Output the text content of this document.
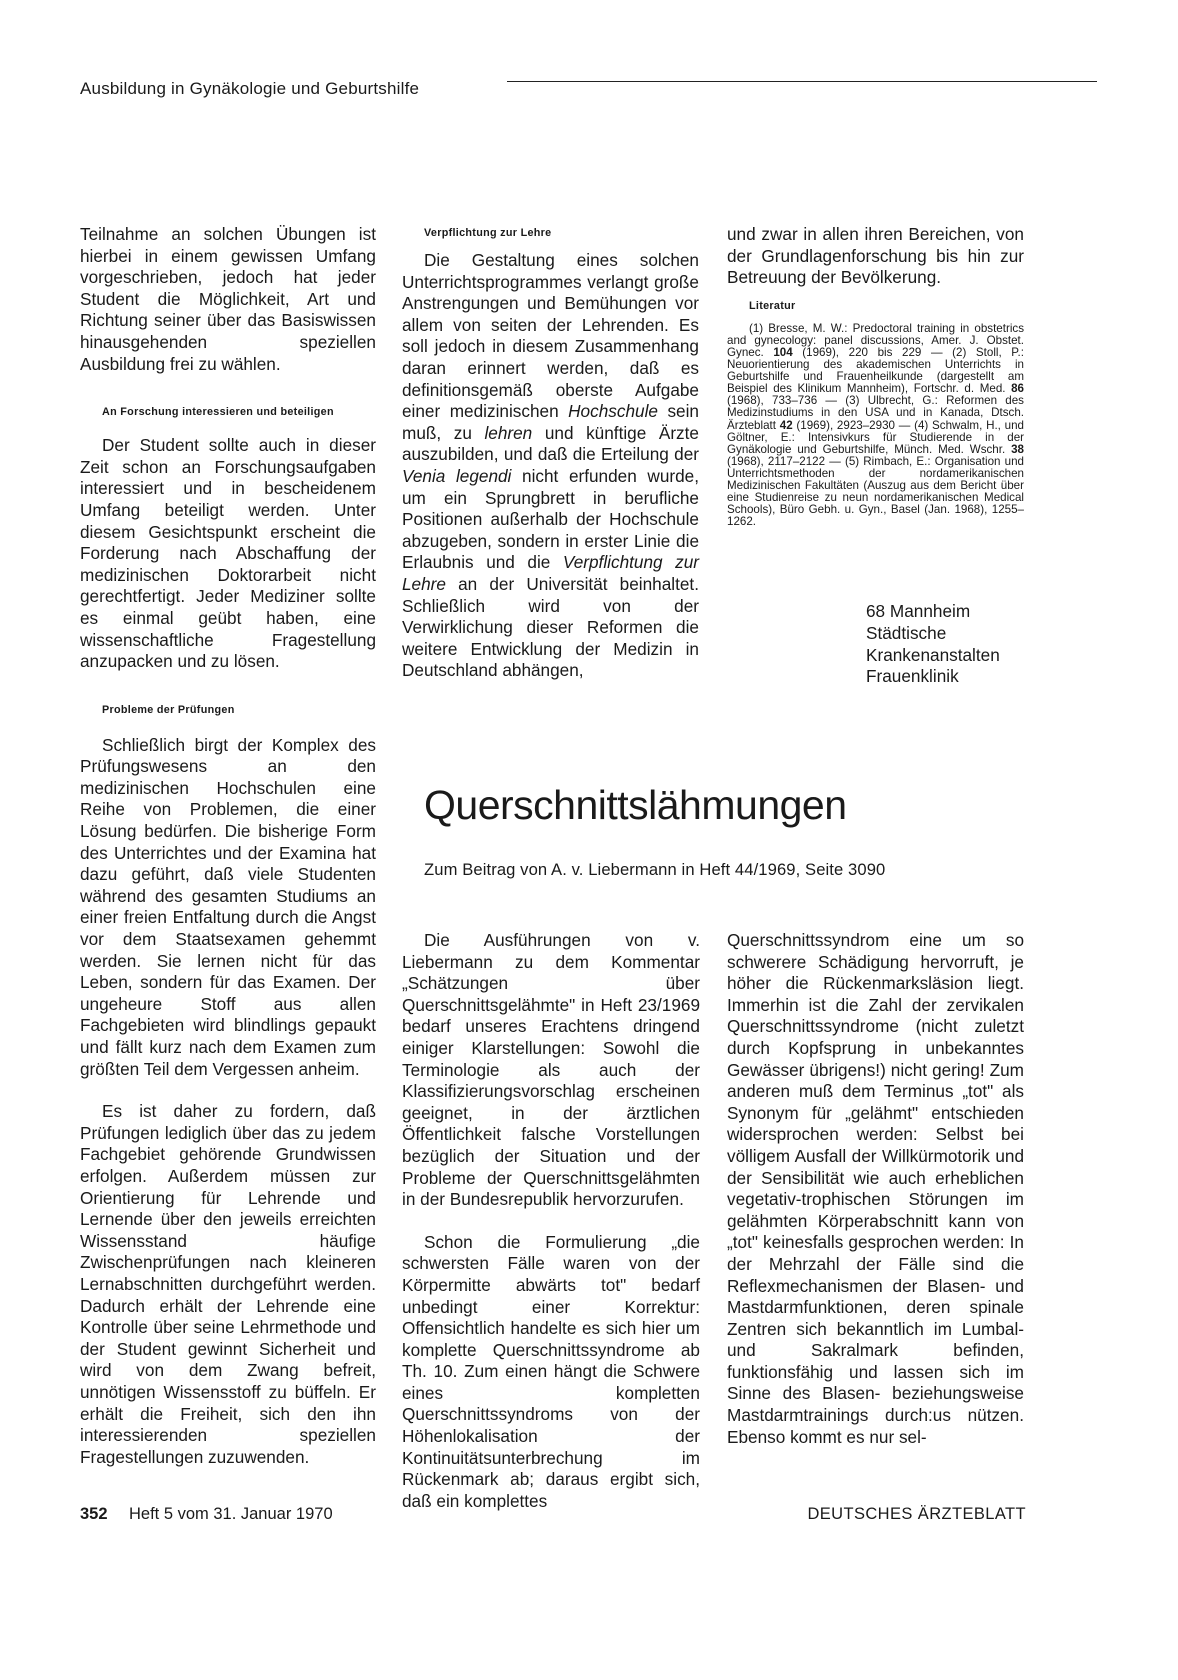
Ausbildung in Gynäkologie und Geburtshilfe

Teilnahme an solchen Übungen ist hierbei in einem gewissen Umfang vorgeschrieben, jedoch hat jeder Student die Möglichkeit, Art und Richtung seiner über das Basiswissen hinausgehenden speziellen Ausbildung frei zu wählen.

An Forschung interessieren und beteiligen

Der Student sollte auch in dieser Zeit schon an Forschungsaufgaben interessiert und in bescheidenem Umfang beteiligt werden. Unter diesem Gesichtspunkt erscheint die Forderung nach Abschaffung der medizinischen Doktorarbeit nicht gerechtfertigt. Jeder Mediziner sollte es einmal geübt haben, eine wissenschaftliche Fragestellung anzupacken und zu lösen.

Probleme der Prüfungen

Schließlich birgt der Komplex des Prüfungswesens an den medizinischen Hochschulen eine Reihe von Problemen, die einer Lösung bedürfen. Die bisherige Form des Unterrichtes und der Examina hat dazu geführt, daß viele Studenten während des gesamten Studiums an einer freien Entfaltung durch die Angst vor dem Staatsexamen gehemmt werden. Sie lernen nicht für das Leben, sondern für das Examen. Der ungeheure Stoff aus allen Fachgebieten wird blindlings gepaukt und fällt kurz nach dem Examen zum größten Teil dem Vergessen anheim.

Es ist daher zu fordern, daß Prüfungen lediglich über das zu jedem Fachgebiet gehörende Grundwissen erfolgen. Außerdem müssen zur Orientierung für Lehrende und Lernende über den jeweils erreichten Wissensstand häufige Zwischenprüfungen nach kleineren Lernabschnitten durchgeführt werden. Dadurch erhält der Lehrende eine Kontrolle über seine Lehrmethode und der Student gewinnt Sicherheit und wird von dem Zwang befreit, unnötigen Wissensstoff zu büffeln. Er erhält die Freiheit, sich den ihn interessierenden speziellen Fragestellungen zuzuwenden.

Verpflichtung zur Lehre

Die Gestaltung eines solchen Unterrichtsprogrammes verlangt große Anstrengungen und Bemühungen vor allem von seiten der Lehrenden. Es soll jedoch in diesem Zusammenhang daran erinnert werden, daß es definitionsgemäß oberste Aufgabe einer medizinischen Hochschule sein muß, zu lehren und künftige Ärzte auszubilden, und daß die Erteilung der Venia legendi nicht erfunden wurde, um ein Sprungbrett in berufliche Positionen außerhalb der Hochschule abzugeben, sondern in erster Linie die Erlaubnis und die Verpflichtung zur Lehre an der Universität beinhaltet. Schließlich wird von der Verwirklichung dieser Reformen die weitere Entwicklung der Medizin in Deutschland abhängen,

und zwar in allen ihren Bereichen, von der Grundlagenforschung bis hin zur Betreuung der Bevölkerung.

Literatur
(1) Bresse, M. W.: Predoctoral training in obstetrics and gynecology: panel discussions, Amer. J. Obstet. Gynec. 104 (1969), 220 bis 229 — (2) Stoll, P.: Neuorientierung des akademischen Unterrichts in Geburtshilfe und Frauenheilkunde (dargestellt am Beispiel des Klinikum Mannheim), Fortschr. d. Med. 86 (1968), 733–736 — (3) Ulbrecht, G.: Reformen des Medizinstudiums in den USA und in Kanada, Dtsch. Ärzteblatt 42 (1969), 2923–2930 — (4) Schwalm, H., und Göltner, E.: Intensivkurs für Studierende in der Gynäkologie und Geburtshilfe, Münch. Med. Wschr. 38 (1968), 2117–2122 — (5) Rimbach, E.: Organisation und Unterrichtsmethoden der nordamerikanischen Medizinischen Fakultäten (Auszug aus dem Bericht über eine Studienreise zu neun nordamerikanischen Medical Schools), Büro Gebh. u. Gyn., Basel (Jan. 1968), 1255–1262.
68 Mannheim
Städtische
Krankenanstalten
Frauenklinik
Querschnittslähmungen
Zum Beitrag von A. v. Liebermann in Heft 44/1969, Seite 3090

Die Ausführungen von v. Liebermann zu dem Kommentar „Schätzungen über Querschnittsgelähmte" in Heft 23/1969 bedarf unseres Erachtens dringend einiger Klarstellungen: Sowohl die Terminologie als auch der Klassifizierungsvorschlag erscheinen geeignet, in der ärztlichen Öffentlichkeit falsche Vorstellungen bezüglich der Situation und der Probleme der Querschnittsgelähmten in der Bundesrepublik hervorzurufen.

Schon die Formulierung „die schwersten Fälle waren von der Körpermitte abwärts tot" bedarf unbedingt einer Korrektur: Offensichtlich handelte es sich hier um komplette Querschnittssyndrome ab Th. 10. Zum einen hängt die Schwere eines kompletten Querschnittssyndroms von der Höhenlokalisation der Kontinuitätsunterbrechung im Rückenmark ab; daraus ergibt sich, daß ein komplettes

Querschnittssyndrom eine um so schwerere Schädigung hervorruft, je höher die Rückenmarksläsion liegt. Immerhin ist die Zahl der zervikalen Querschnittssyndrome (nicht zuletzt durch Kopfsprung in unbekanntes Gewässer übrigens!) nicht gering! Zum anderen muß dem Terminus „tot" als Synonym für „gelähmt" entschieden widersprochen werden: Selbst bei völligem Ausfall der Willkürmotorik und der Sensibilität wie auch erheblichen vegetativ-trophischen Störungen im gelähmten Körperabschnitt kann von „tot" keinesfalls gesprochen werden: In der Mehrzahl der Fälle sind die Reflexmechanismen der Blasen- und Mastdarmfunktionen, deren spinale Zentren sich bekanntlich im Lumbal- und Sakralmark befinden, funktionsfähig und lassen sich im Sinne des Blasen- beziehungsweise Mastdarmtrainings durch:us nützen. Ebenso kommt es nur sel-

352 Heft 5 vom 31. Januar 1970	DEUTSCHES ÄRZTEBLATT
